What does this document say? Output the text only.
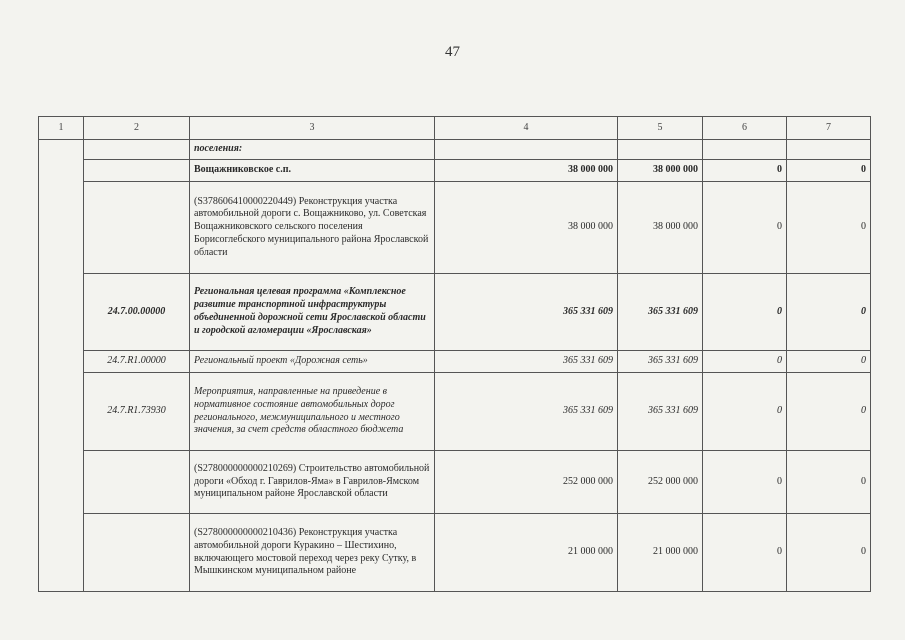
47
1	2	3	4	5	6	7
		поселения:				
		Вощажниковское с.п.	38 000 000	38 000 000	0	0
		(S378606410000220449) Реконструкция участка автомобильной дороги с. Вощажниково, ул. Советская Вощажниковского сельского поселения Борисоглебского муниципального района Ярославской области	38 000 000	38 000 000	0	0
	24.7.00.00000	Региональная целевая программа «Комплексное развитие транспортной инфраструктуры объединенной дорожной сети Ярославской области и городской агломерации «Ярославская»	365 331 609	365 331 609	0	0
	24.7.R1.00000	Региональный проект «Дорожная сеть»	365 331 609	365 331 609	0	0
	24.7.R1.73930	Мероприятия, направленные на приведение в нормативное состояние автомобильных дорог регионального, межмуниципального и местного значения, за счет средств областного бюджета	365 331 609	365 331 609	0	0
		(S278000000000210269) Строительство автомобильной дороги «Обход г. Гаврилов-Яма» в Гаврилов-Ямском муниципальном районе Ярославской области	252 000 000	252 000 000	0	0
		(S278000000000210436) Реконструкция участка автомобильной дороги Куракино – Шестихино, включающего мостовой переход через реку Сутку, в Мышкинском муниципальном районе	21 000 000	21 000 000	0	0
